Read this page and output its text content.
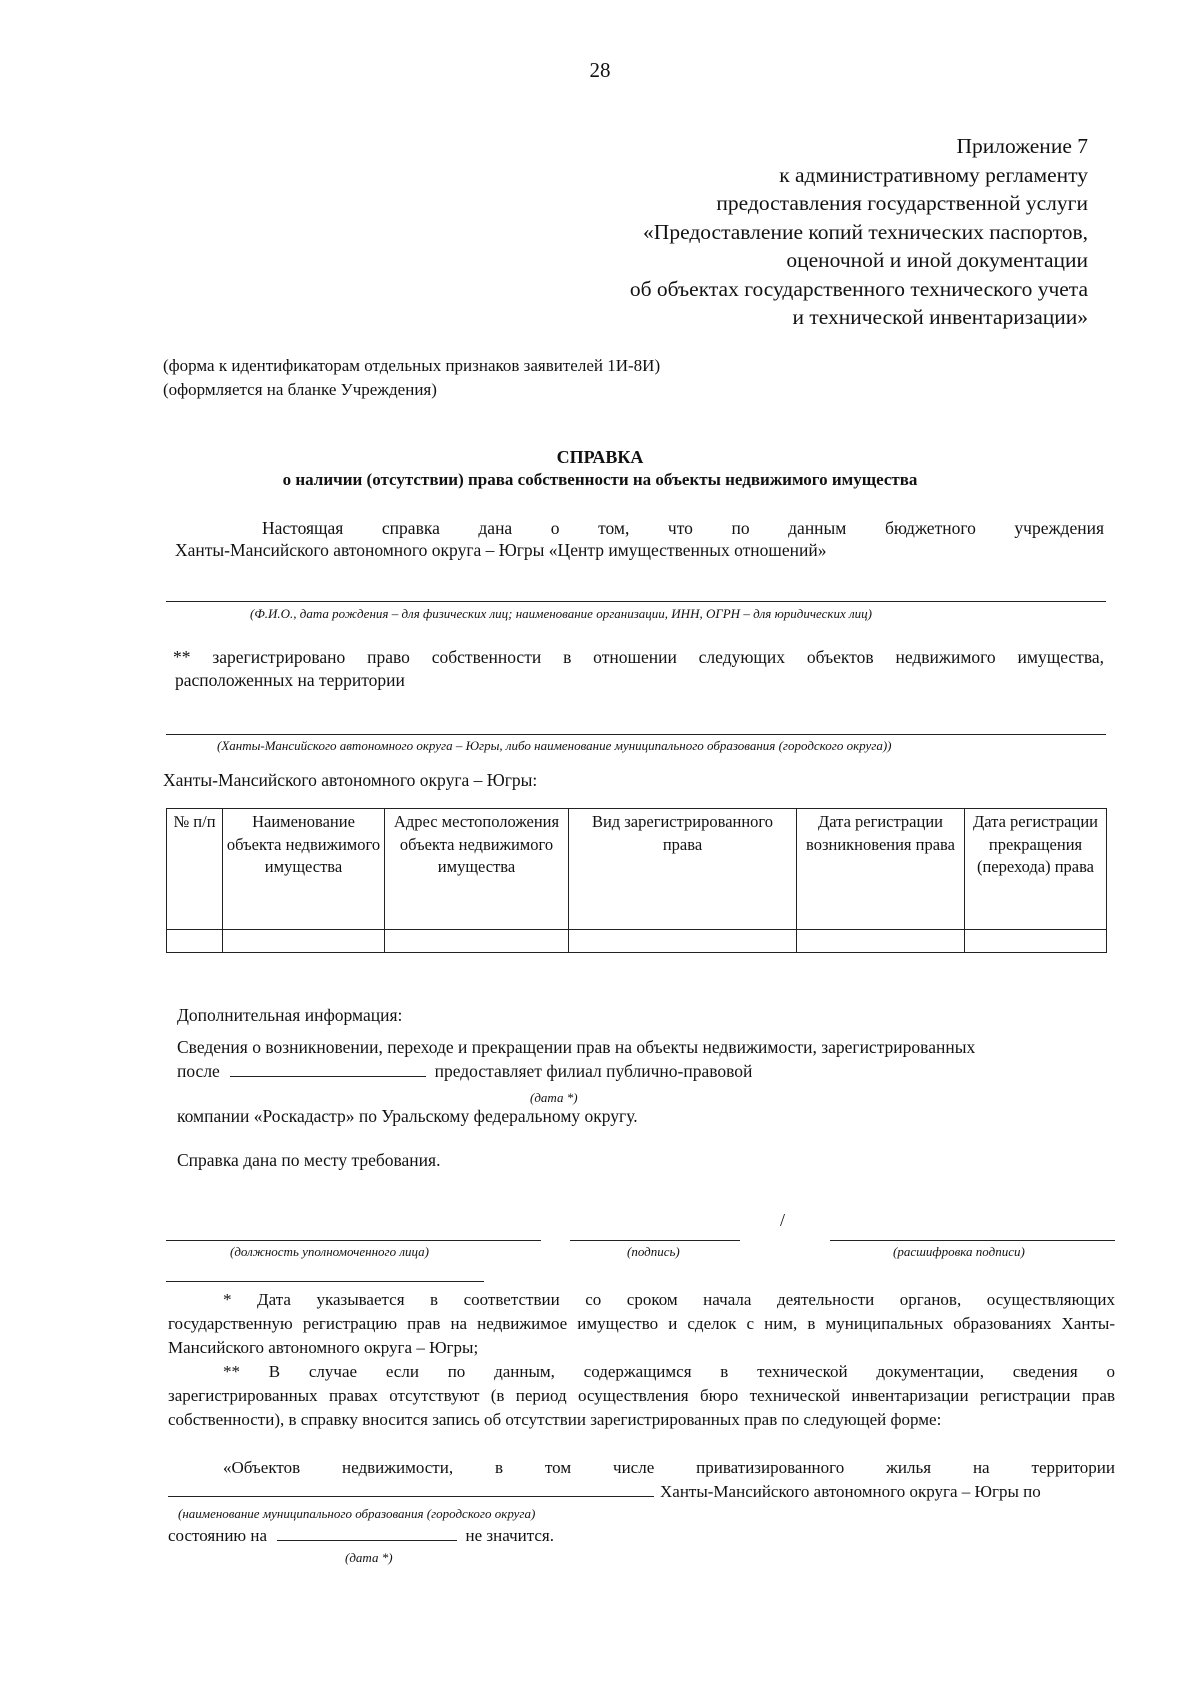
28
Приложение 7
к административному регламенту
предоставления государственной услуги
«Предоставление копий технических паспортов,
оценочной и иной документации
об объектах государственного технического учета
и технической инвентаризации»
(форма к идентификаторам отдельных признаков заявителей 1И-8И)
(оформляется на бланке Учреждения)
СПРАВКА
о наличии (отсутствии) права собственности на объекты недвижимого имущества
Настоящая справка дана о том, что по данным бюджетного учреждения
Ханты-Мансийского автономного округа – Югры «Центр имущественных отношений»
(Ф.И.О., дата рождения – для физических лиц; наименование организации, ИНН, ОГРН – для юридических лиц)
** зарегистрировано право собственности в отношении следующих объектов недвижимого имущества,
расположенных на территории
(Ханты-Мансийского автономного округа – Югры, либо наименование муниципального образования (городского округа))
Ханты-Мансийского автономного округа – Югры:
№ п/п	Наименование объекта недвижимого имущества	Адрес местоположения объекта недвижимого имущества	Вид зарегистрированного права	Дата регистрации возникновения права	Дата регистрации прекращения (перехода) права

Дополнительная информация:
Сведения о возникновении, переходе и прекращении прав на объекты недвижимости, зарегистрированных
после	предоставляет филиал публично-правовой
(дата *)
компании «Роскадастр» по Уральскому федеральному округу.
Справка дана по месту требования.
/
(должность уполномоченного лица)	(подпись)	(расшифровка подписи)
* Дата указывается в соответствии со сроком начала деятельности органов, осуществляющих
государственную регистрацию прав на недвижимое имущество и сделок с ним, в муниципальных образованиях Ханты-Мансийского автономного округа – Югры;
** В случае если по данным, содержащимся в технической документации, сведения о
зарегистрированных правах отсутствуют (в период осуществления бюро технической инвентаризации регистрации прав собственности), в справку вносится запись об отсутствии зарегистрированных прав по следующей форме:
«Объектов недвижимости, в том числе приватизированного жилья на территории
Ханты-Мансийского автономного округа – Югры по
(наименование муниципального образования (городского округа)
состоянию на	не значится.
(дата *)
